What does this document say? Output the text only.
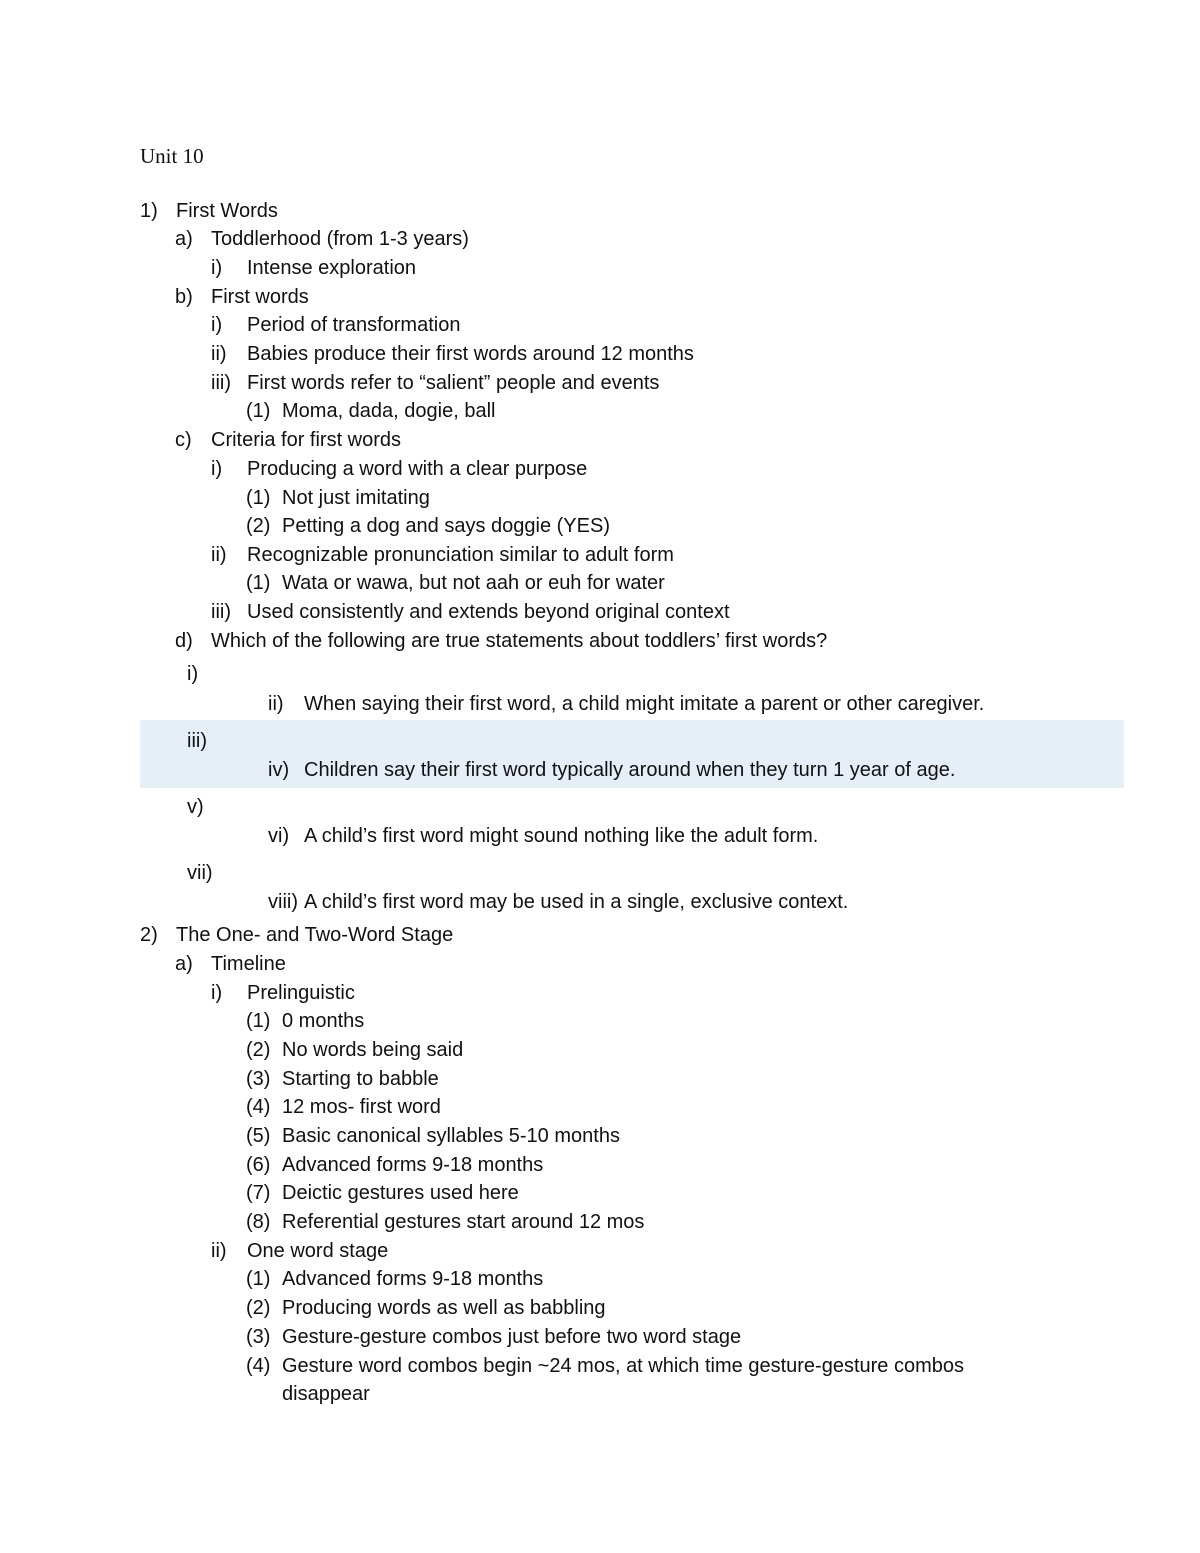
Unit 10
1) First Words
a) Toddlerhood (from 1-3 years)
i) Intense exploration
b) First words
i) Period of transformation
ii) Babies produce their first words around 12 months
iii) First words refer to “salient” people and events
(1) Moma, dada, dogie, ball
c) Criteria for first words
i) Producing a word with a clear purpose
(1) Not just imitating
(2) Petting a dog and says doggie (YES)
ii) Recognizable pronunciation similar to adult form
(1) Wata or wawa, but not aah or euh for water
iii) Used consistently and extends beyond original context
d) Which of the following are true statements about toddlers’ first words?
i)
ii) When saying their first word, a child might imitate a parent or other caregiver.
iii)
iv) Children say their first word typically around when they turn 1 year of age.
v)
vi) A child’s first word might sound nothing like the adult form.
vii)
viii) A child’s first word may be used in a single, exclusive context.
2) The One- and Two-Word Stage
a) Timeline
i) Prelinguistic
(1) 0 months
(2) No words being said
(3) Starting to babble
(4) 12 mos- first word
(5) Basic canonical syllables 5-10 months
(6) Advanced forms 9-18 months
(7) Deictic gestures used here
(8) Referential gestures start around 12 mos
ii) One word stage
(1) Advanced forms 9-18 months
(2) Producing words as well as babbling
(3) Gesture-gesture combos just before two word stage
(4) Gesture word combos begin ~24 mos, at which time gesture-gesture combos
disappear
